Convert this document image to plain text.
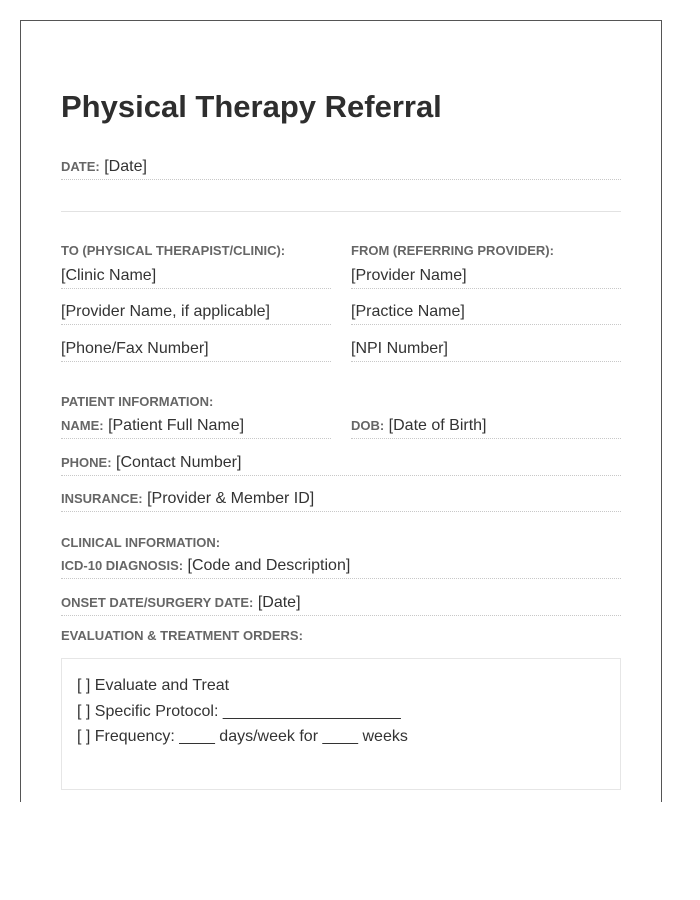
Physical Therapy Referral
DATE: [Date]
TO (PHYSICAL THERAPIST/CLINIC):	FROM (REFERRING PROVIDER):
[Clinic Name]	[Provider Name]
[Provider Name, if applicable]	[Practice Name]
[Phone/Fax Number]	[NPI Number]
PATIENT INFORMATION:
NAME: [Patient Full Name]	DOB: [Date of Birth]
PHONE: [Contact Number]
INSURANCE: [Provider & Member ID]
CLINICAL INFORMATION:
ICD-10 DIAGNOSIS: [Code and Description]
ONSET DATE/SURGERY DATE: [Date]
EVALUATION & TREATMENT ORDERS:
[ ] Evaluate and Treat
[ ] Specific Protocol: ____________________
[ ] Frequency: ____ days/week for ____ weeks
